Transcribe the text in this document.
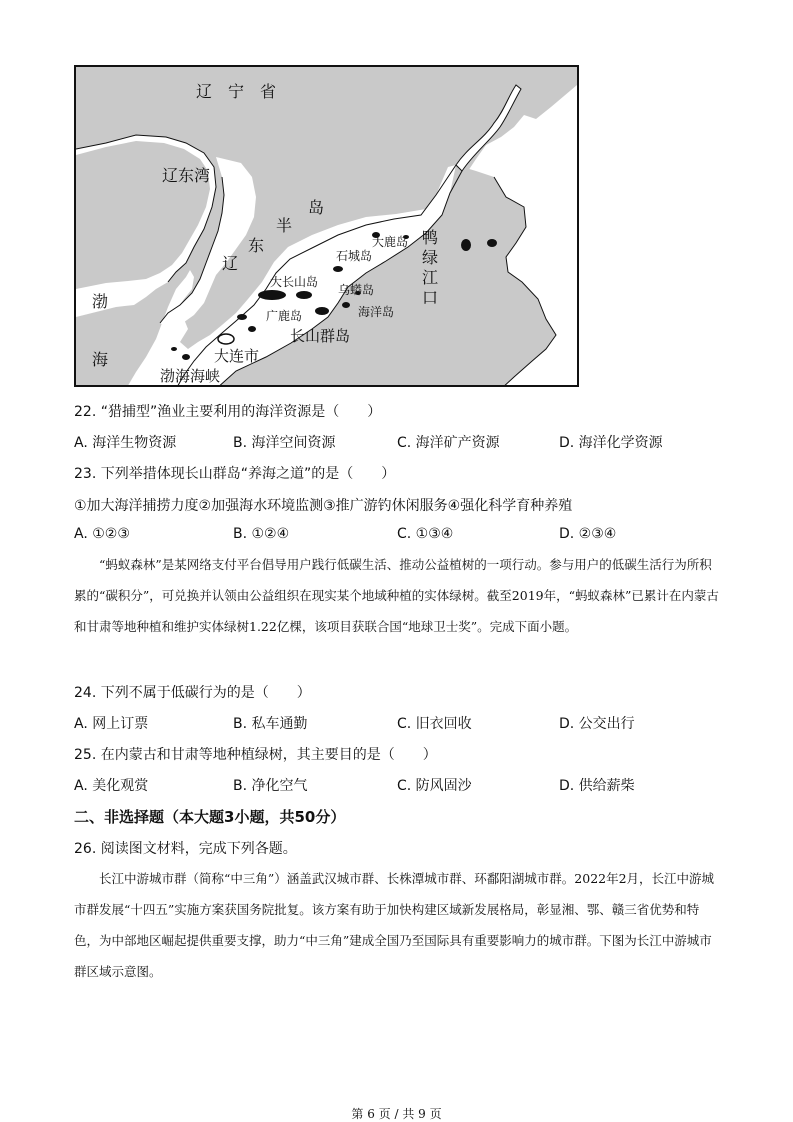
辽　宁　省
辽东湾
岛
半
东
辽
渤
海
鸭
绿
江
口
大鹿岛
石城岛
大长山岛
乌蟒岛
广鹿岛	海洋岛
长山群岛
大连市
渤海海峡
22. “猎捕型”渔业主要利用的海洋资源是（　　）
A. 海洋生物资源	B. 海洋空间资源	C. 海洋矿产资源	D. 海洋化学资源
23. 下列举措体现长山群岛“养海之道”的是（　　）
①加大海洋捕捞力度②加强海水环境监测③推广游钓休闲服务④强化科学育种养殖
A. ①②③	B. ①②④	C. ①③④	D. ②③④

“蚂蚁森林”是某网络支付平台倡导用户践行低碳生活、推动公益植树的一项行动。参与用户的低碳生活行为所积累的“碳积分”，可兑换并认领由公益组织在现实某个地域种植的实体绿树。截至2019年，“蚂蚁森林”已累计在内蒙古和甘肃等地种植和维护实体绿树1.22亿棵，该项目获联合国“地球卫士奖”。完成下面小题。

24. 下列不属于低碳行为的是（　　）
A. 网上订票	B. 私车通勤	C. 旧衣回收	D. 公交出行
25. 在内蒙古和甘肃等地种植绿树，其主要目的是（　　）
A. 美化观赏	B. 净化空气	C. 防风固沙	D. 供给薪柴
二、非选择题（本大题3小题，共50分）
26. 阅读图文材料，完成下列各题。

长江中游城市群（简称“中三角”）涵盖武汉城市群、长株潭城市群、环鄱阳湖城市群。2022年2月，长江中游城市群发展“十四五”实施方案获国务院批复。该方案有助于加快构建区域新发展格局，彰显湘、鄂、赣三省优势和特色，为中部地区崛起提供重要支撑，助力“中三角”建成全国乃至国际具有重要影响力的城市群。下图为长江中游城市群区域示意图。

第 6 页 / 共 9 页
